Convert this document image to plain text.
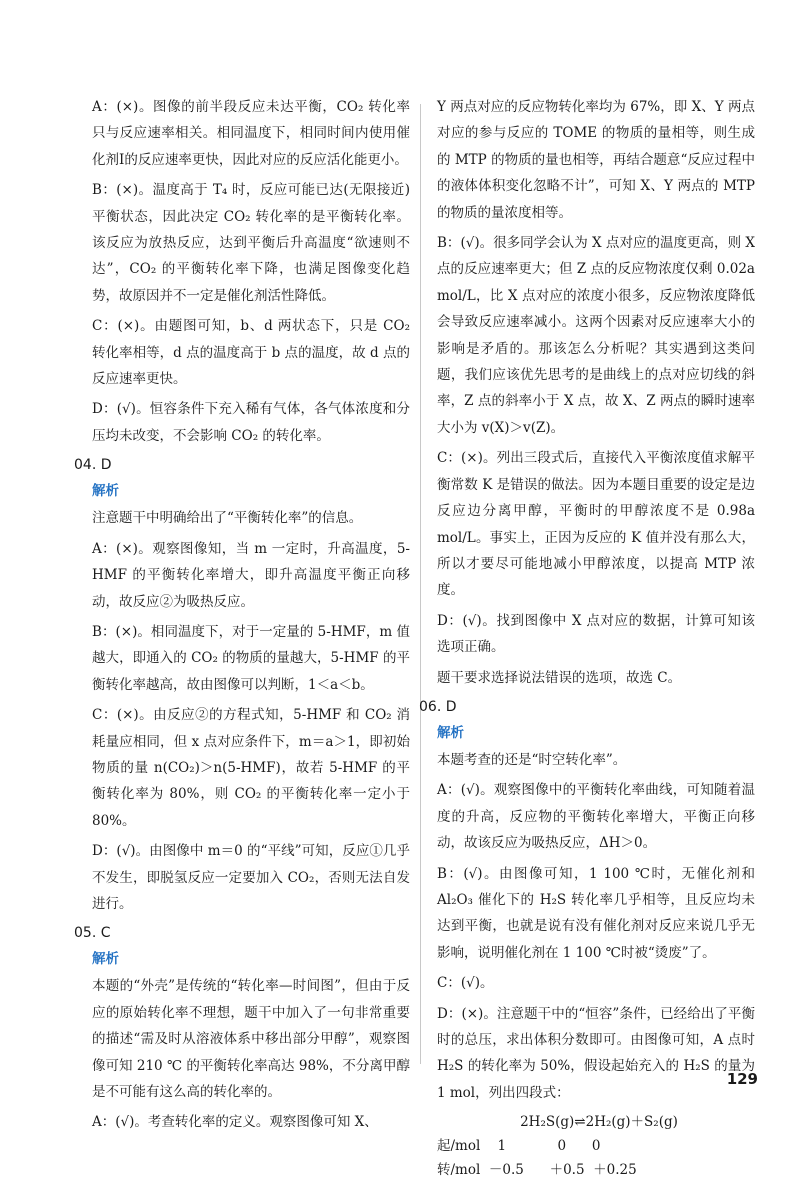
A：(×)。图像的前半段反应未达平衡，CO₂ 转化率只与反应速率相关。相同温度下，相同时间内使用催化剂Ⅰ的反应速率更快，因此对应的反应活化能更小。
B：(×)。温度高于 T₄ 时，反应可能已达(无限接近)平衡状态，因此决定 CO₂ 转化率的是平衡转化率。该反应为放热反应，达到平衡后升高温度“欲速则不达”，CO₂ 的平衡转化率下降，也满足图像变化趋势，故原因并不一定是催化剂活性降低。
C：(×)。由题图可知，b、d 两状态下，只是 CO₂ 转化率相等，d 点的温度高于 b 点的温度，故 d 点的反应速率更快。
D：(√)。恒容条件下充入稀有气体，各气体浓度和分压均未改变，不会影响 CO₂ 的转化率。
04. D
解析
注意题干中明确给出了“平衡转化率”的信息。
A：(×)。观察图像知，当 m 一定时，升高温度，5-HMF 的平衡转化率增大，即升高温度平衡正向移动，故反应②为吸热反应。
B：(×)。相同温度下，对于一定量的 5-HMF，m 值越大，即通入的 CO₂ 的物质的量越大，5-HMF 的平衡转化率越高，故由图像可以判断，1＜a＜b。
C：(×)。由反应②的方程式知，5-HMF 和 CO₂ 消耗量应相同，但 x 点对应条件下，m＝a＞1，即初始物质的量 n(CO₂)＞n(5-HMF)，故若 5-HMF 的平衡转化率为 80%，则 CO₂ 的平衡转化率一定小于 80%。
D：(√)。由图像中 m＝0 的“平线”可知，反应①几乎不发生，即脱氢反应一定要加入 CO₂，否则无法自发进行。
05. C
解析
本题的“外壳”是传统的“转化率—时间图”，但由于反应的原始转化率不理想，题干中加入了一句非常重要的描述“需及时从溶液体系中移出部分甲醇”，观察图像可知 210 ℃ 的平衡转化率高达 98%，不分离甲醇是不可能有这么高的转化率的。
A：(√)。考查转化率的定义。观察图像可知 X、
Y 两点对应的反应物转化率均为 67%，即 X、Y 两点对应的参与反应的 TOME 的物质的量相等，则生成的 MTP 的物质的量也相等，再结合题意“反应过程中的液体体积变化忽略不计”，可知 X、Y 两点的 MTP 的物质的量浓度相等。
B：(√)。很多同学会认为 X 点对应的温度更高，则 X 点的反应速率更大；但 Z 点的反应物浓度仅剩 0.02a mol/L，比 X 点对应的浓度小很多，反应物浓度降低会导致反应速率减小。这两个因素对反应速率大小的影响是矛盾的。那该怎么分析呢？其实遇到这类问题，我们应该优先思考的是曲线上的点对应切线的斜率，Z 点的斜率小于 X 点，故 X、Z 两点的瞬时速率大小为 v(X)＞v(Z)。
C：(×)。列出三段式后，直接代入平衡浓度值求解平衡常数 K 是错误的做法。因为本题目重要的设定是边反应边分离甲醇，平衡时的甲醇浓度不是 0.98a mol/L。事实上，正因为反应的 K 值并没有那么大，所以才要尽可能地减小甲醇浓度，以提高 MTP 浓度。
D：(√)。找到图像中 X 点对应的数据，计算可知该选项正确。
题干要求选择说法错误的选项，故选 C。
06. D
解析
本题考查的还是“时空转化率”。
A：(√)。观察图像中的平衡转化率曲线，可知随着温度的升高，反应物的平衡转化率增大，平衡正向移动，故该反应为吸热反应，ΔH＞0。
B：(√)。由图像可知，1 100 ℃时，无催化剂和 Al₂O₃ 催化下的 H₂S 转化率几乎相等，且反应均未达到平衡，也就是说有没有催化剂对反应来说几乎无影响，说明催化剂在 1 100 ℃时被“烫废”了。
C：(√)。
D：(×)。注意题干中的“恒容”条件，已经给出了平衡时的总压，求出体积分数即可。由图像可知，A 点时 H₂S 的转化率为 50%，假设起始充入的 H₂S 的量为 1 mol，列出四段式：
2H₂S(g)⇌2H₂(g)＋S₂(g)
起/mol    1            0      0
转/mol  －0.5      ＋0.5  ＋0.25
129
